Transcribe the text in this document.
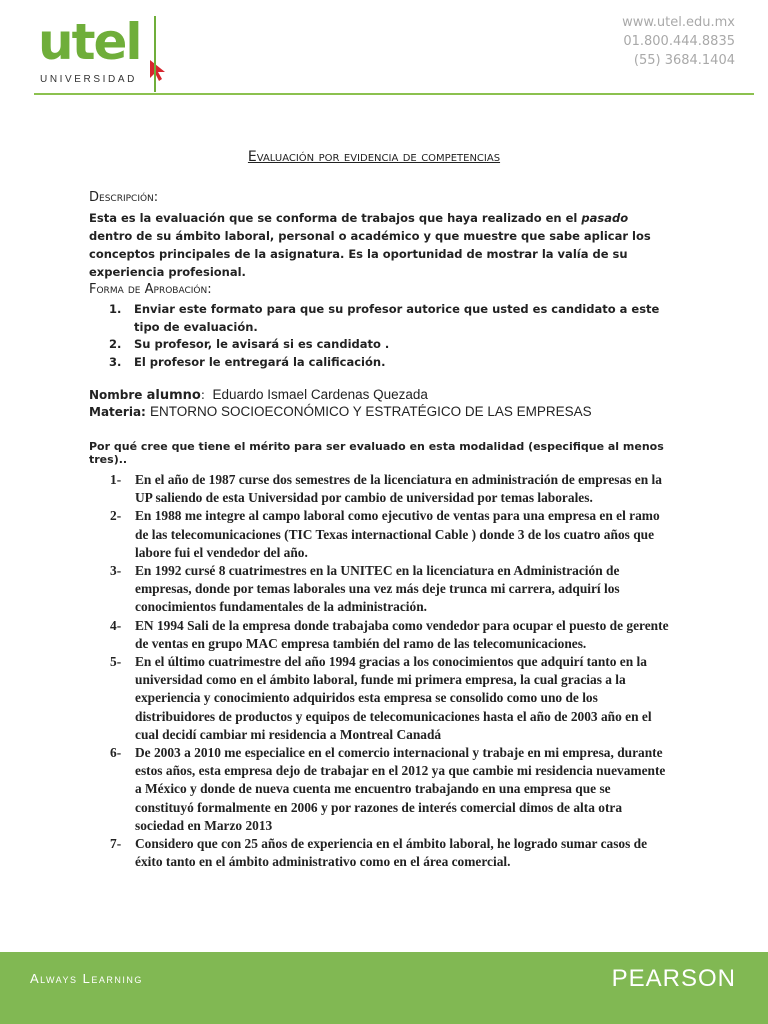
utel
UNIVERSIDAD
www.utel.edu.mx
01.800.444.8835
(55) 3684.1404
Evaluación por evidencia de competencias
Descripción:
Esta es la evaluación que se conforma de trabajos que haya realizado en el pasado dentro de su ámbito laboral, personal o académico y que muestre que sabe aplicar los conceptos principales de la asignatura. Es la oportunidad de mostrar la valía de su experiencia profesional.
Forma de Aprobación:
1. Enviar este formato para que su profesor autorice que usted es candidato a este tipo de evaluación.
2. Su profesor, le avisará si es candidato .
3. El profesor le entregará la calificación.
Nombre alumno:  Eduardo Ismael Cardenas Quezada
Materia: ENTORNO SOCIOECONÓMICO Y ESTRATÉGICO DE LAS EMPRESAS
Por qué cree que tiene el mérito para ser evaluado en esta modalidad (especifique al menos tres)..
1- En el año de 1987 curse dos semestres de la licenciatura en administración de empresas en la UP saliendo de esta Universidad por cambio de universidad por temas laborales.
2- En 1988 me integre al campo laboral como ejecutivo de ventas para una empresa en el ramo de las telecomunicaciones (TIC Texas internactional Cable ) donde 3 de los cuatro años que labore fui el vendedor del año.
3- En 1992 cursé 8 cuatrimestres en la UNITEC en la licenciatura en Administración de empresas, donde por temas laborales una vez más deje trunca mi carrera, adquirí los conocimientos fundamentales de la administración.
4- EN 1994 Sali de la empresa donde trabajaba como vendedor para ocupar el puesto de gerente de ventas en grupo MAC empresa también del ramo de las telecomunicaciones.
5- En el último cuatrimestre del año 1994 gracias a los conocimientos que adquirí tanto en la universidad como en el ámbito laboral, funde mi primera empresa, la cual gracias a la experiencia y conocimiento adquiridos esta empresa se consolido como uno de los distribuidores de productos y equipos de telecomunicaciones hasta el año de 2003 año en el cual decidí cambiar mi residencia a Montreal Canadá
6- De 2003 a 2010 me especialice en el comercio internacional y trabaje en mi empresa, durante estos años, esta empresa dejo de trabajar en el 2012 ya que cambie mi residencia nuevamente a México y donde de nueva cuenta me encuentro trabajando en una empresa que se constituyó formalmente en 2006 y por razones de interés comercial dimos de alta otra sociedad en Marzo 2013
7- Considero que con 25 años de experiencia en el ámbito laboral, he logrado sumar casos de éxito tanto en el ámbito administrativo como en el área comercial.
Always Learning	PEARSON
